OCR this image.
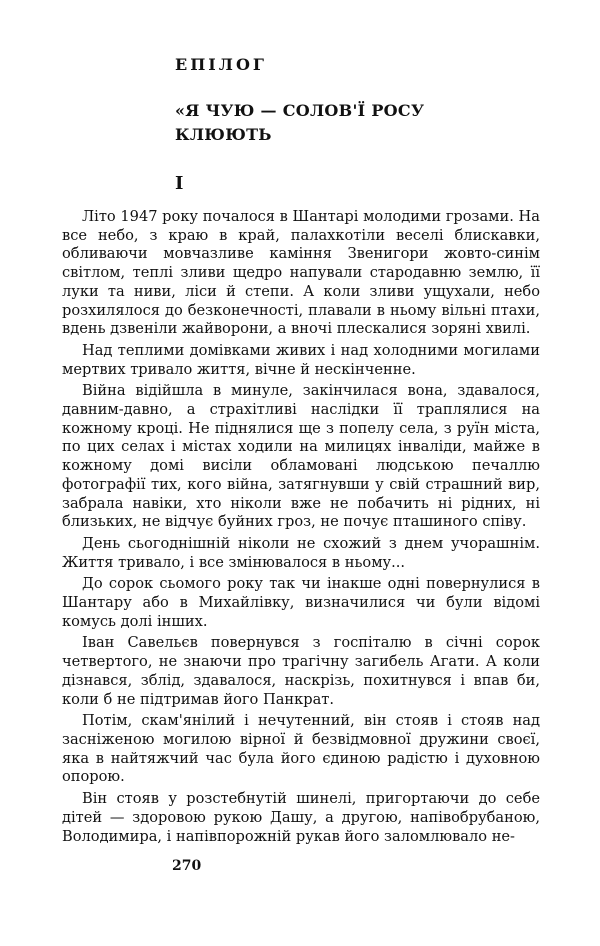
ЕПІЛОГ
«Я ЧУЮ — СОЛОВ'Ї РОСУ КЛЮЮТЬ
I

Літо 1947 року почалося в Шантарі молодими грозами. На все небо, з краю в край, палахкотіли веселі блискавки, обливаючи мовчазливе каміння Звенигори жовто-синім світлом, теплі зливи щедро напували стародавню землю, її луки та ниви, ліси й степи. А коли зливи ущухали, небо розхилялося до безконечності, плавали в ньому вільні птахи, вдень дзвеніли жайворони, а вночі плескалися зоряні хвилі.

Над теплими домівками живих і над холодними могилами мертвих тривало життя, вічне й нескінченне.

Війна відійшла в минуле, закінчилася вона, здавалося, давним-давно, а страхітливі наслідки її траплялися на кожному кроці. Не піднялися ще з попелу села, з руїн міста, по цих селах і містах ходили на милицях інваліди, майже в кожному домі висіли обламовані людською печаллю фотографії тих, кого війна, затягнувши у свій страшний вир, забрала навіки, хто ніколи вже не побачить ні рідних, ні близьких, не відчує буйних гроз, не почує пташиного співу.

День сьогоднішній ніколи не схожий з днем учорашнім. Життя тривало, і все змінювалося в ньому...

До сорок сьомого року так чи інакше одні повернулися в Шантару або в Михайлівку, визначилися чи були відомі комусь долі інших.

Іван Савельєв повернувся з госпіталю в січні сорок четвертого, не знаючи про трагічну загибель Агати. А коли дізнався, зблід, здавалося, наскрізь, похитнувся і впав би, коли б не підтримав його Панкрат.

Потім, скам'янілий і нечутенний, він стояв і стояв над засніженою могилою вірної й безвідмовної дружини своєї, яка в найтяжчий час була його єдиною радістю і духовною опорою.

Він стояв у розстебнутій шинелі, пригортаючи до себе дітей — здоровою рукою Дашу, а другою, напівобрубаною, Володимира, і напівпорожній рукав його заломлювало не-

270
